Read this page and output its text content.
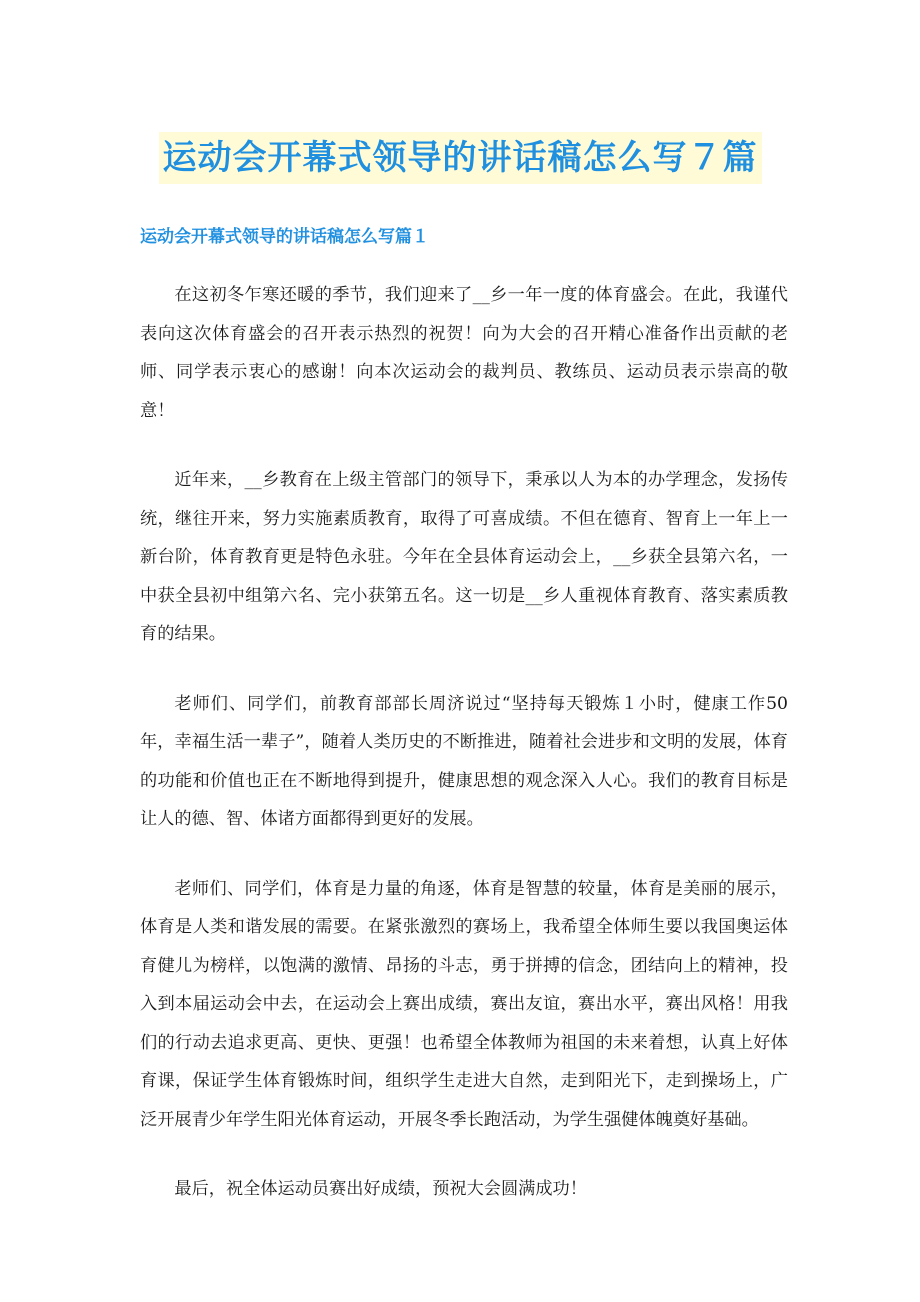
运动会开幕式领导的讲话稿怎么写７篇
运动会开幕式领导的讲话稿怎么写篇１

在这初冬乍寒还暖的季节，我们迎来了__乡一年一度的体育盛会。在此，我谨代表向这次体育盛会的召开表示热烈的祝贺！向为大会的召开精心准备作出贡献的老师、同学表示衷心的感谢！向本次运动会的裁判员、教练员、运动员表示崇高的敬意！

近年来，__乡教育在上级主管部门的领导下，秉承以人为本的办学理念，发扬传统，继往开来，努力实施素质教育，取得了可喜成绩。不但在德育、智育上一年上一新台阶，体育教育更是特色永驻。今年在全县体育运动会上，__乡获全县第六名，一中获全县初中组第六名、完小获第五名。这一切是__乡人重视体育教育、落实素质教育的结果。

老师们、同学们，前教育部部长周济说过“坚持每天锻炼１小时，健康工作50年，幸福生活一辈子”，随着人类历史的不断推进，随着社会进步和文明的发展，体育的功能和价值也正在不断地得到提升，健康思想的观念深入人心。我们的教育目标是让人的德、智、体诸方面都得到更好的发展。

老师们、同学们，体育是力量的角逐，体育是智慧的较量，体育是美丽的展示，体育是人类和谐发展的需要。在紧张激烈的赛场上，我希望全体师生要以我国奥运体育健儿为榜样，以饱满的激情、昂扬的斗志，勇于拼搏的信念，团结向上的精神，投入到本届运动会中去，在运动会上赛出成绩，赛出友谊，赛出水平，赛出风格！用我们的行动去追求更高、更快、更强！也希望全体教师为祖国的未来着想，认真上好体育课，保证学生体育锻炼时间，组织学生走进大自然，走到阳光下，走到操场上，广泛开展青少年学生阳光体育运动，开展冬季长跑活动，为学生强健体魄奠好基础。

最后，祝全体运动员赛出好成绩，预祝大会圆满成功！
